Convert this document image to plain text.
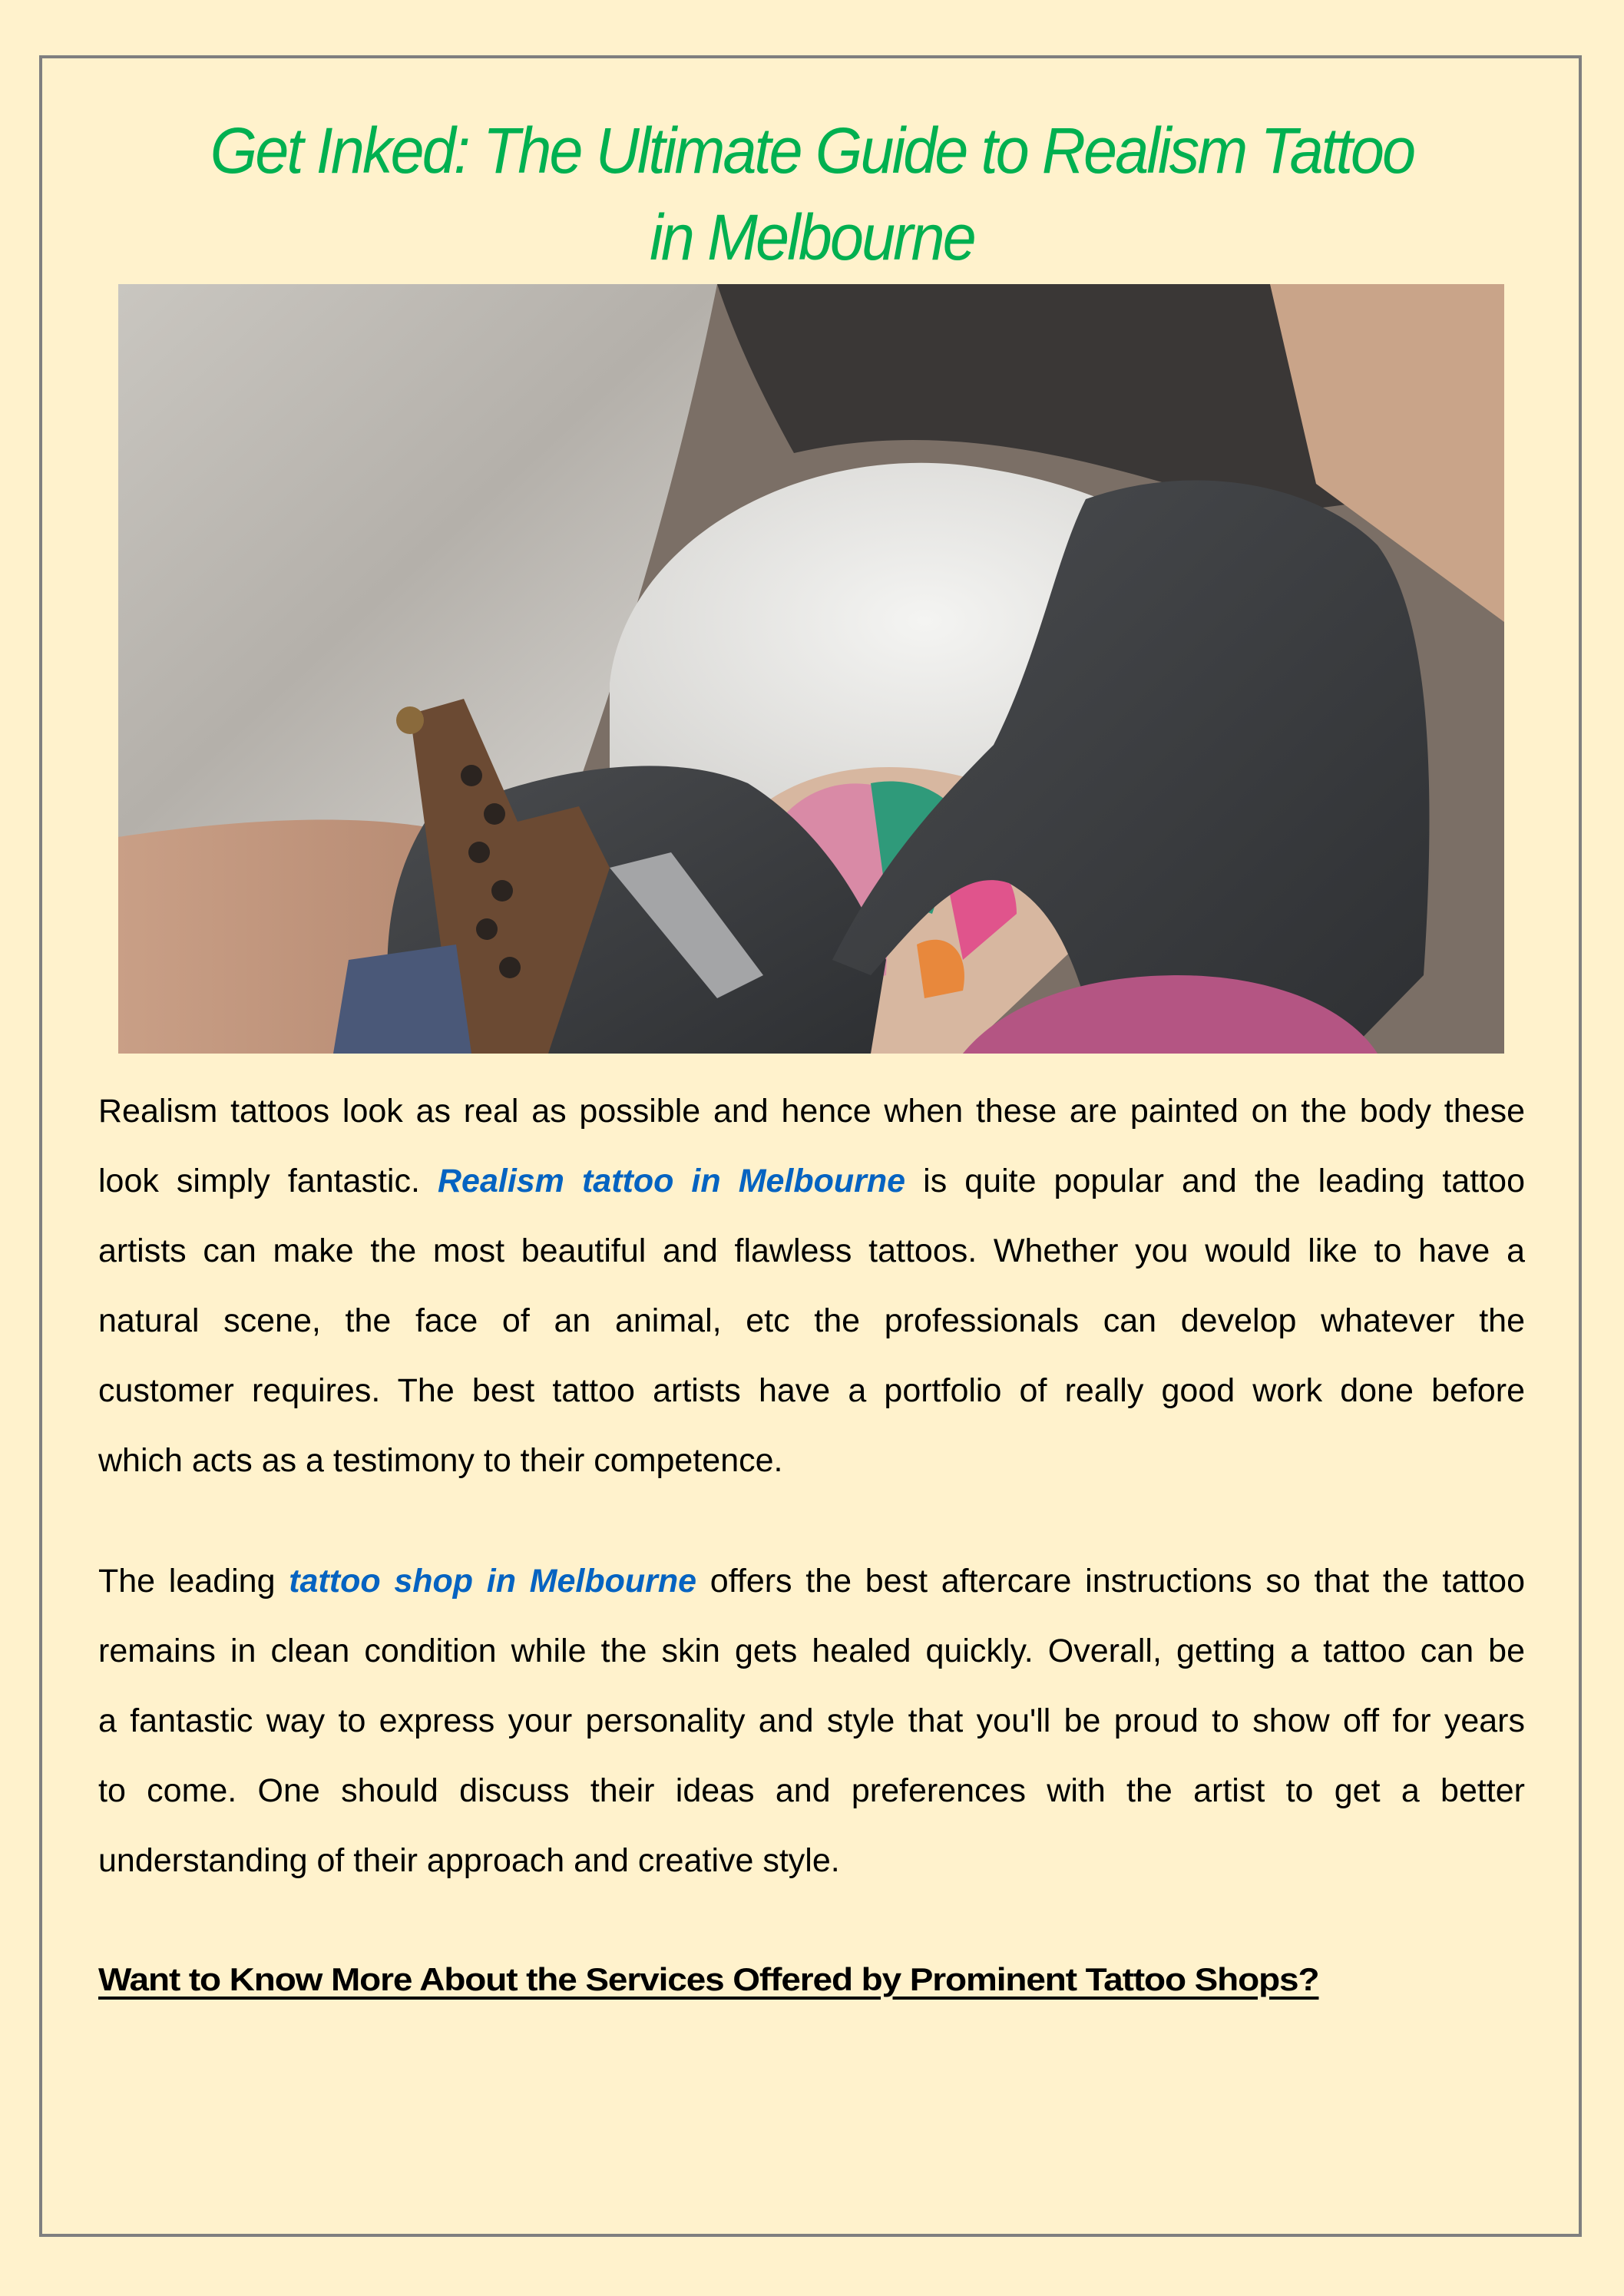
Get Inked: The Ultimate Guide to Realism Tattoo
in Melbourne
Realism tattoos look as real as possible and hence when these are painted on the body these
look simply fantastic. Realism tattoo in Melbourne is quite popular and the leading tattoo
artists can make the most beautiful and flawless tattoos. Whether you would like to have a
natural scene, the face of an animal, etc the professionals can develop whatever the
customer requires. The best tattoo artists have a portfolio of really good work done before
which acts as a testimony to their competence.
The leading tattoo shop in Melbourne offers the best aftercare instructions so that the tattoo
remains in clean condition while the skin gets healed quickly. Overall, getting a tattoo can be
a fantastic way to express your personality and style that you'll be proud to show off for years
to come. One should discuss their ideas and preferences with the artist to get a better
understanding of their approach and creative style.
Want to Know More About the Services Offered by Prominent Tattoo Shops?
